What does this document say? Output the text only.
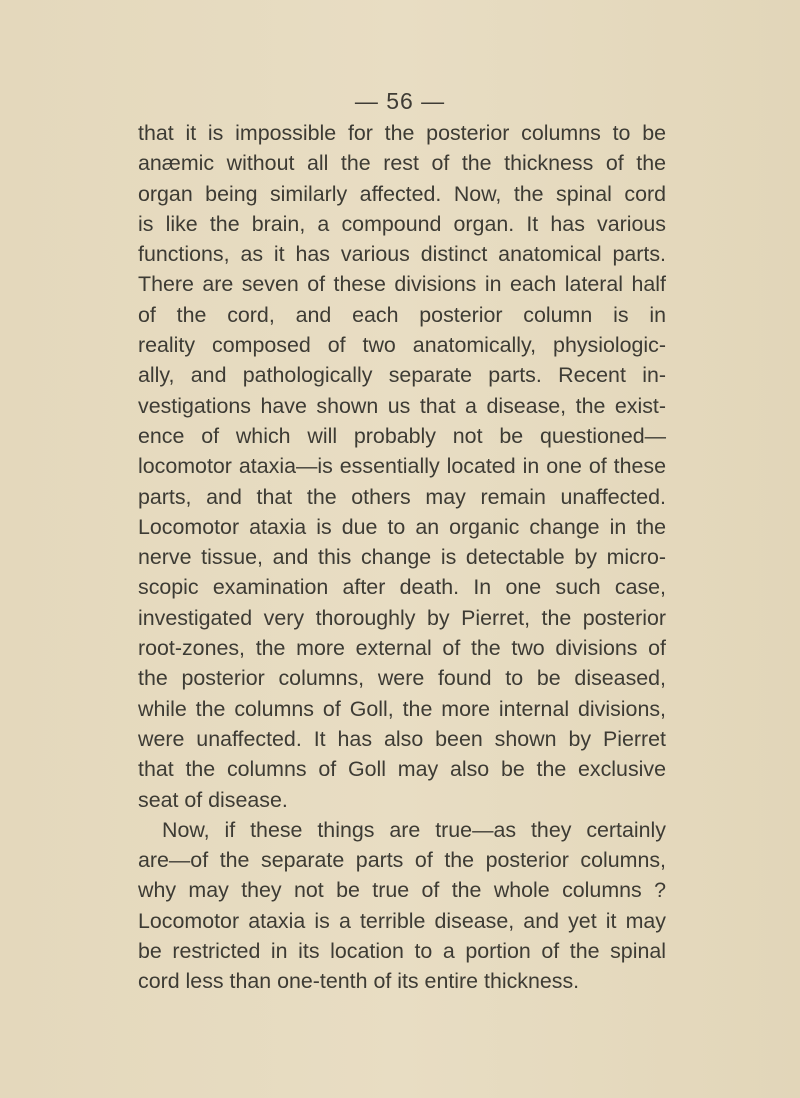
— 56 —
that it is impossible for the posterior columns to be
anæmic without all the rest of the thickness of the
organ being similarly affected. Now, the spinal cord
is like the brain, a compound organ. It has various
functions, as it has various distinct anatomical parts.
There are seven of these divisions in each lateral half
of the cord, and each posterior column is in
reality composed of two anatomically, physiologic-
ally, and pathologically separate parts. Recent in-
vestigations have shown us that a disease, the exist-
ence of which will probably not be questioned—
locomotor ataxia—is essentially located in one of these
parts, and that the others may remain unaffected.
Locomotor ataxia is due to an organic change in the
nerve tissue, and this change is detectable by micro-
scopic examination after death. In one such case,
investigated very thoroughly by Pierret, the posterior
root-zones, the more external of the two divisions of
the posterior columns, were found to be diseased,
while the columns of Goll, the more internal divisions,
were unaffected. It has also been shown by Pierret
that the columns of Goll may also be the exclusive
seat of disease.
Now, if these things are true—as they certainly
are—of the separate parts of the posterior columns,
why may they not be true of the whole columns ?
Locomotor ataxia is a terrible disease, and yet it may
be restricted in its location to a portion of the spinal
cord less than one-tenth of its entire thickness.
